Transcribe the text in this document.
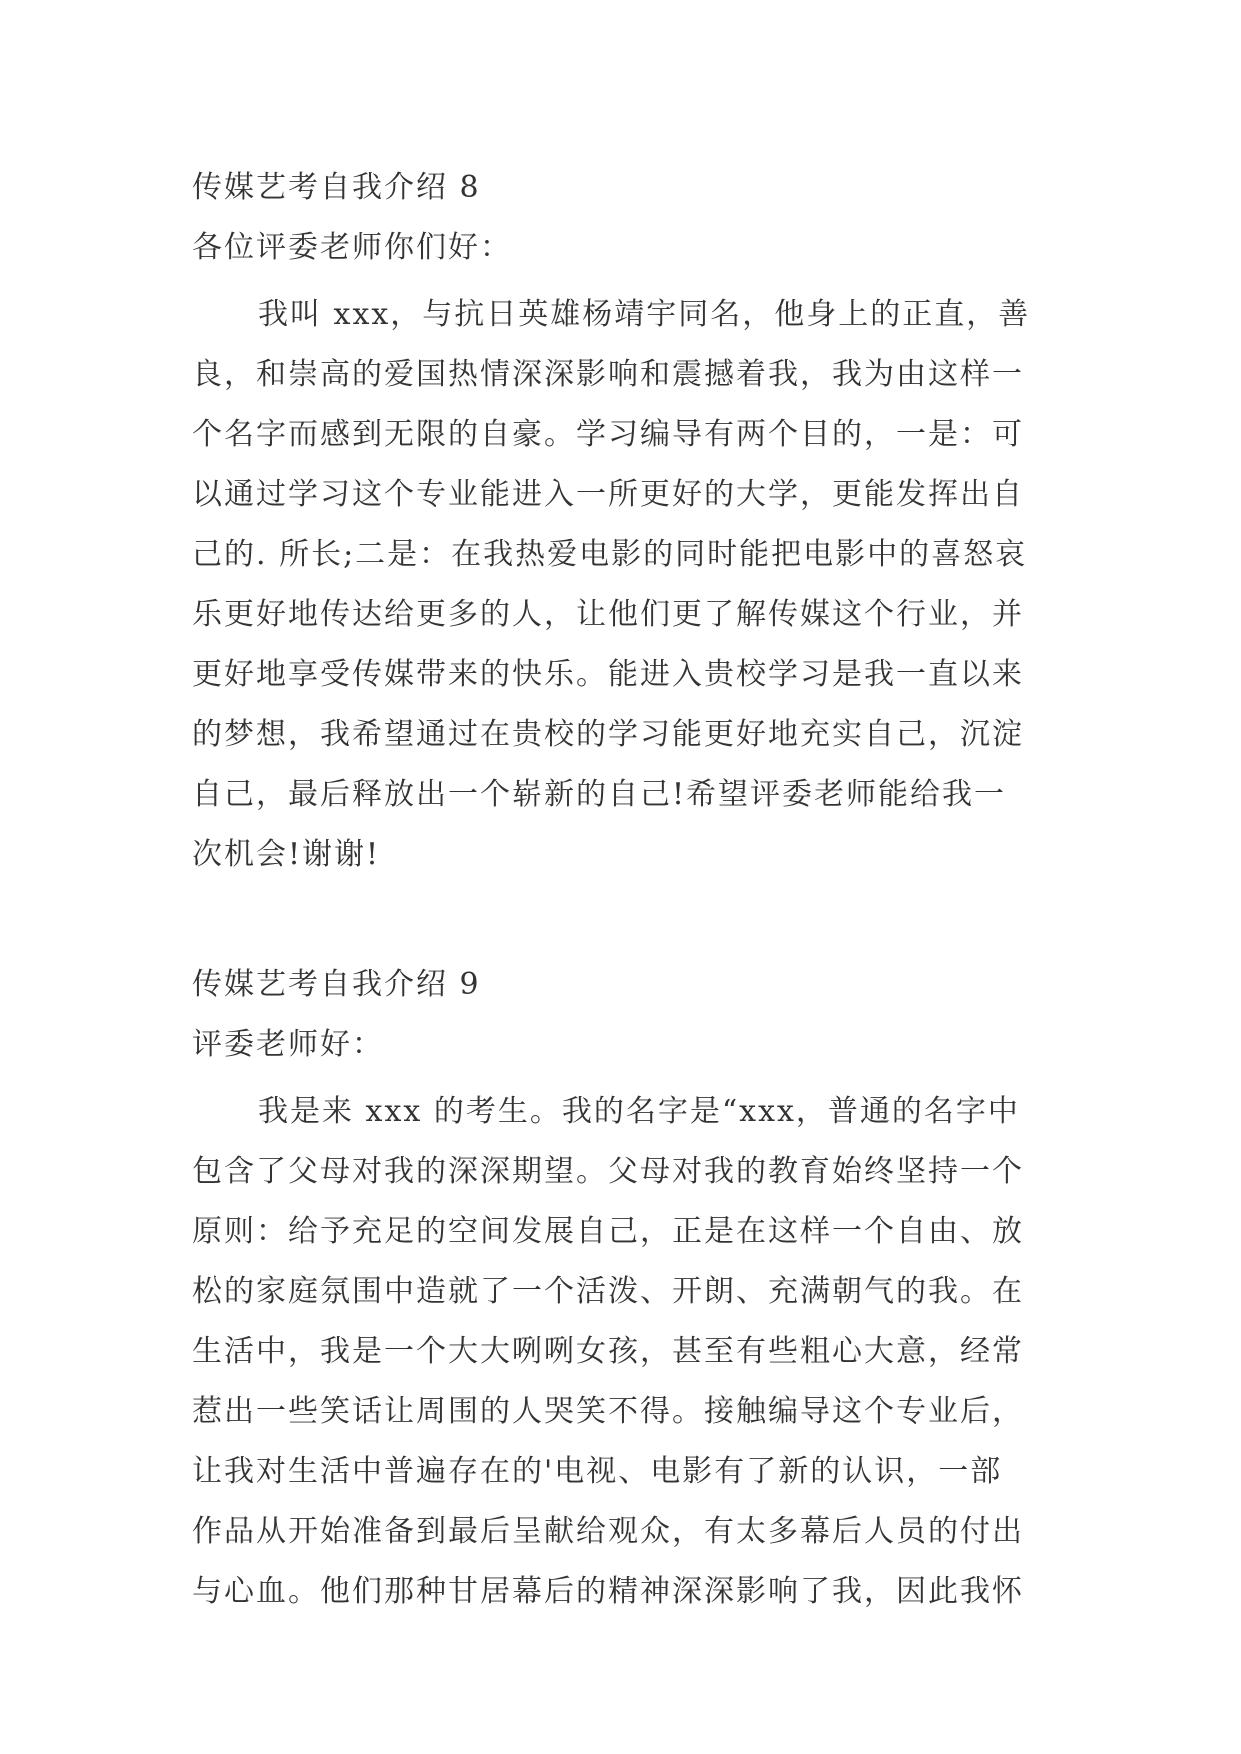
传媒艺考自我介绍 8
各位评委老师你们好：
我叫 xxx，与抗日英雄杨靖宇同名，他身上的正直，善
良，和崇高的爱国热情深深影响和震撼着我，我为由这样一
个名字而感到无限的自豪。学习编导有两个目的，一是：可
以通过学习这个专业能进入一所更好的大学，更能发挥出自
己的. 所长;二是：在我热爱电影的同时能把电影中的喜怒哀
乐更好地传达给更多的人，让他们更了解传媒这个行业，并
更好地享受传媒带来的快乐。能进入贵校学习是我一直以来
的梦想，我希望通过在贵校的学习能更好地充实自己，沉淀
自己，最后释放出一个崭新的自己!希望评委老师能给我一
次机会!谢谢!
传媒艺考自我介绍 9
评委老师好：
我是来 xxx 的考生。我的名字是“xxx，普通的名字中
包含了父母对我的深深期望。父母对我的教育始终坚持一个
原则：给予充足的空间发展自己，正是在这样一个自由、放
松的家庭氛围中造就了一个活泼、开朗、充满朝气的我。在
生活中，我是一个大大咧咧女孩，甚至有些粗心大意，经常
惹出一些笑话让周围的人哭笑不得。接触编导这个专业后，
让我对生活中普遍存在的'电视、电影有了新的认识，一部
作品从开始准备到最后呈献给观众，有太多幕后人员的付出
与心血。他们那种甘居幕后的精神深深影响了我，因此我怀
